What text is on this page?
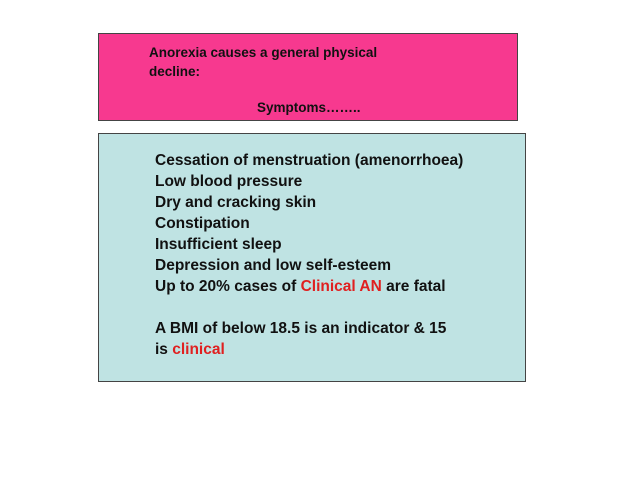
Anorexia causes a general physical
decline:
Symptoms……..
Cessation of menstruation (amenorrhoea)
Low blood pressure
Dry and cracking skin
Constipation
Insufficient sleep
Depression and low self-esteem
Up to 20% cases of Clinical AN are fatal
A BMI of below 18.5 is an indicator & 15
is clinical
